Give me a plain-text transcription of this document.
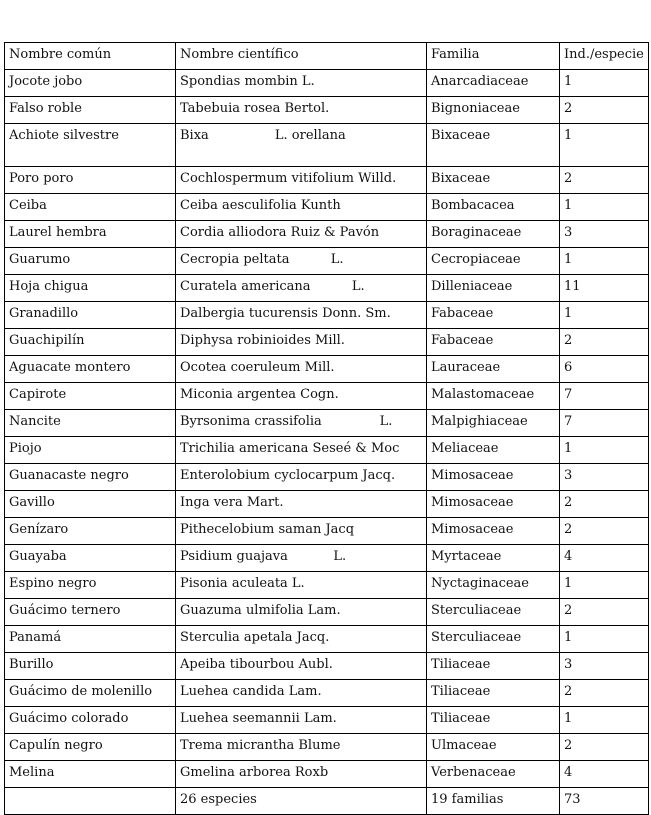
Nombre común	Nombre científico	Familia	Ind./especie
Jocote jobo	Spondias mombin L.	Anarcadiaceae	1
Falso roble	Tabebuia rosea Bertol.	Bignoniaceae	2
Achiote silvestre	Bixa                L. orellana	Bixaceae	1
Poro poro	Cochlospermum vitifolium Willd.	Bixaceae	2
Ceiba	Ceiba aesculifolia Kunth	Bombacacea	1
Laurel hembra	Cordia alliodora Ruiz & Pavón	Boraginaceae	3
Guarumo	Cecropia peltata          L.	Cecropiaceae	1
Hoja chigua	Curatela americana          L.	Dilleniaceae	11
Granadillo	Dalbergia tucurensis Donn. Sm.	Fabaceae	1
Guachipilín	Diphysa robinioides Mill.	Fabaceae	2
Aguacate montero	Ocotea coeruleum Mill.	Lauraceae	6
Capirote	Miconia argentea Cogn.	Malastomaceae	7
Nancite	Byrsonima crassifolia              L.	Malpighiaceae	7
Piojo	Trichilia americana Seseé & Moc	Meliaceae	1
Guanacaste negro	Enterolobium cyclocarpum Jacq.	Mimosaceae	3
Gavillo	Inga vera Mart.	Mimosaceae	2
Genízaro	Pithecelobium saman Jacq	Mimosaceae	2
Guayaba	Psidium guajava           L.	Myrtaceae	4
Espino negro	Pisonia aculeata L.	Nyctaginaceae	1
Guácimo ternero	Guazuma ulmifolia Lam.	Sterculiaceae	2
Panamá	Sterculia apetala Jacq.	Sterculiaceae	1
Burillo	Apeiba tibourbou Aubl.	Tiliaceae	3
Guácimo de molenillo	Luehea candida Lam.	Tiliaceae	2
Guácimo colorado	Luehea seemannii Lam.	Tiliaceae	1
Capulín negro	Trema micrantha Blume	Ulmaceae	2
Melina	Gmelina arborea Roxb	Verbenaceae	4
	26 especies	19 familias	73
